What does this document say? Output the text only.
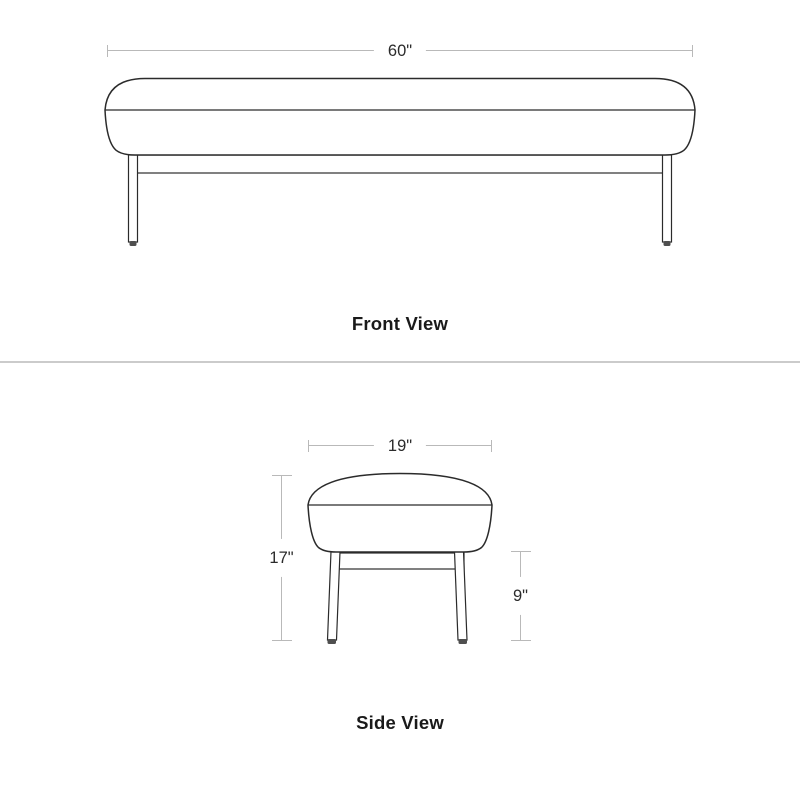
60"
Front View
19"
17"
9"
Side View
